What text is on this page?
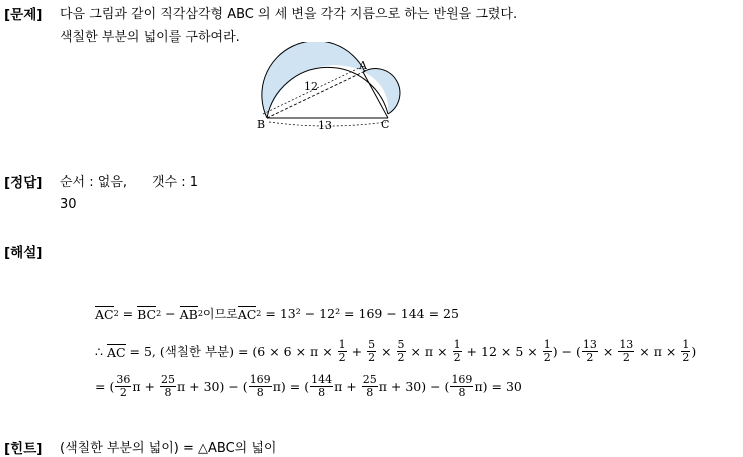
[문제] 다음 그림과 같이 직각삼각형 ABC 의 세 변을 각각 지름으로 하는 반원을 그렸다.
색칠한 부분의 넓이를 구하여라.
A
B	C
12
13
[정답] 순서 : 없음, 갯수 : 1
30
[해설]
AC 2 = BC 2 − AB 2 이므로 AC 2
= 13² − 12² = 169 − 144 = 25
∴ AC
= 5, (색칠한 부분) = (6 × 6 × π ×
$\frac{1}{2} + \frac{5}{2} \times \frac{5}{2} \times \pi \times \frac{1}{2} + 12 \times 5 \times \frac{1}{2}$ ) − ( $\frac{13}{2} \times \frac{13}{2} \times \pi \times \frac{1}{2}$ )
= ( $\frac{36}{2}$ $\pi + \frac{25}{8}$ π + 30) − ( $\frac{169}{8} \pi$) = ( $\frac{144}{8}$ $\pi + \frac{25}{8}$ π + 30) − ( $\frac{169}{8} \pi) = 30$
[힌트] (색칠한 부분의 넓이) = △ABC의 넓이
